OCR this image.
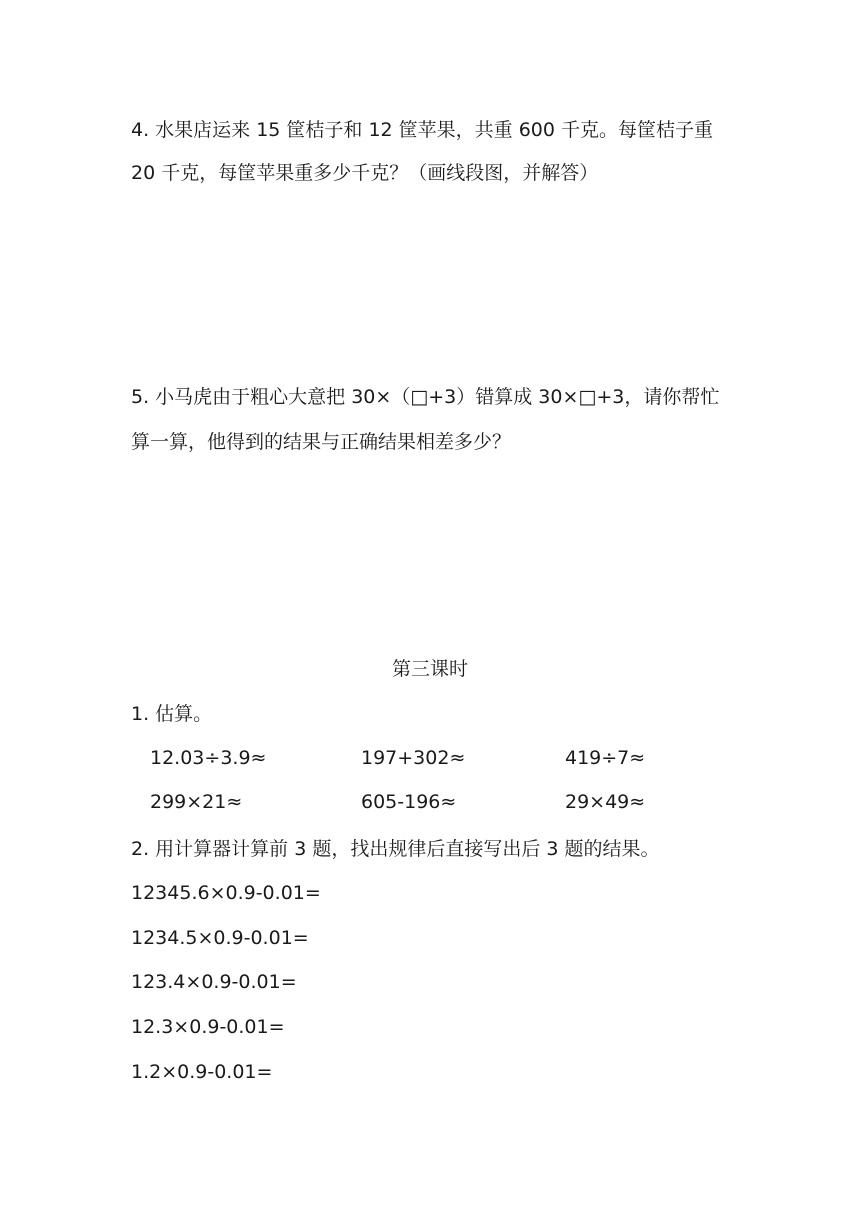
4. 水果店运来 15 筐桔子和 12 筐苹果，共重 600 千克。每筐桔子重
20 千克，每筐苹果重多少千克？（画线段图，并解答）
5. 小马虎由于粗心大意把 30×（□+3）错算成 30×□+3，请你帮忙
算一算，他得到的结果与正确结果相差多少？
第三课时
1. 估算。
12.03÷3.9≈	197+302≈	419÷7≈
299×21≈	605-196≈	29×49≈
2. 用计算器计算前 3 题，找出规律后直接写出后 3 题的结果。
12345.6×0.9-0.01=
1234.5×0.9-0.01=
123.4×0.9-0.01=
12.3×0.9-0.01=
1.2×0.9-0.01=
